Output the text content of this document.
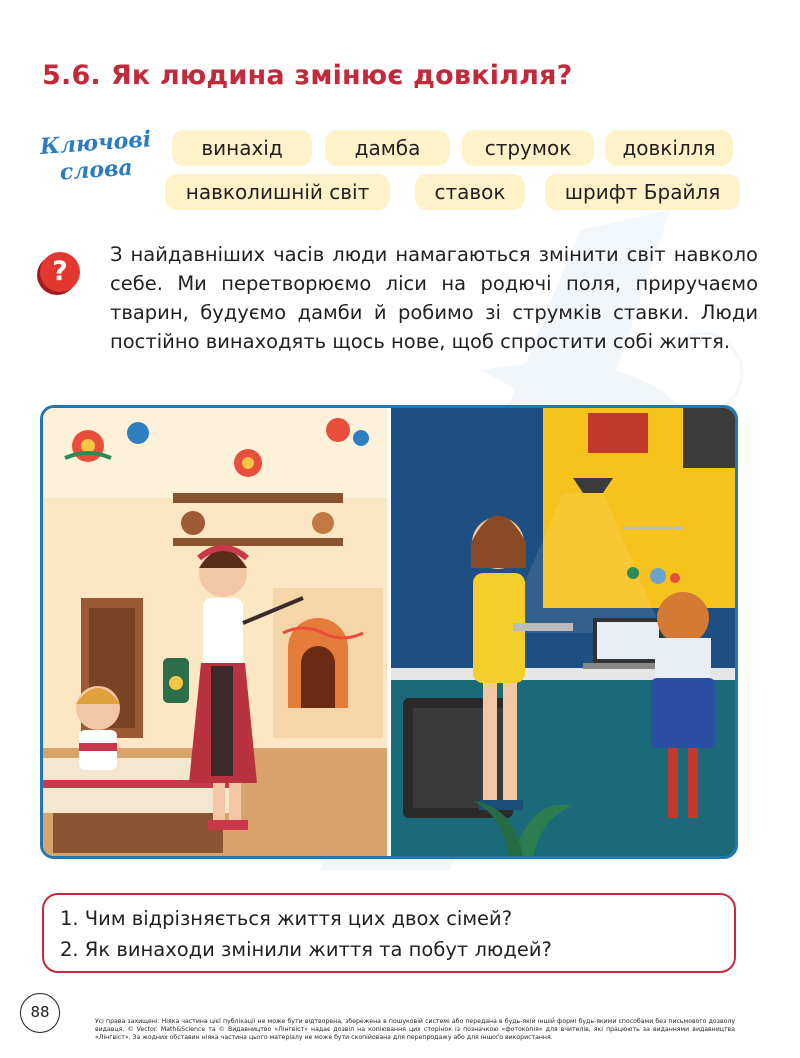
5.6. Як людина змінює довкілля?
Ключові
слова
винахід	дамба	струмок	довкілля
навколишній світ	ставок	шрифт Брайля
?

З найдавніших часів люди намагаються змінити світ навколо себе. Ми перетворюємо ліси на родючі поля, приручаємо тварин, будуємо дамби й робимо зі струмків ставки. Люди постійно винаходять щось нове, щоб спростити собі життя.

1. Чим відрізняється життя цих двох сімей?

2. Як винаходи змінили життя та побут людей?

88

Усі права захищені. Ніяка частина цієї публікації не може бути відтворена, збережена в пошуковій системі або передана в будь-якій іншій формі будь-якими способами без письмового дозволу видавця. © Vector. Math&Science та © Видавництво «Лінгвіст» надає дозвіл на копіювання цих сторінок із позначкою «фотокопія» для вчителів, які працюють за виданнями видавництва «Лінгвіст». За жодних обставин ніяка частина цього матеріалу не може бути скопійована для перепродажу або для іншого використання.
